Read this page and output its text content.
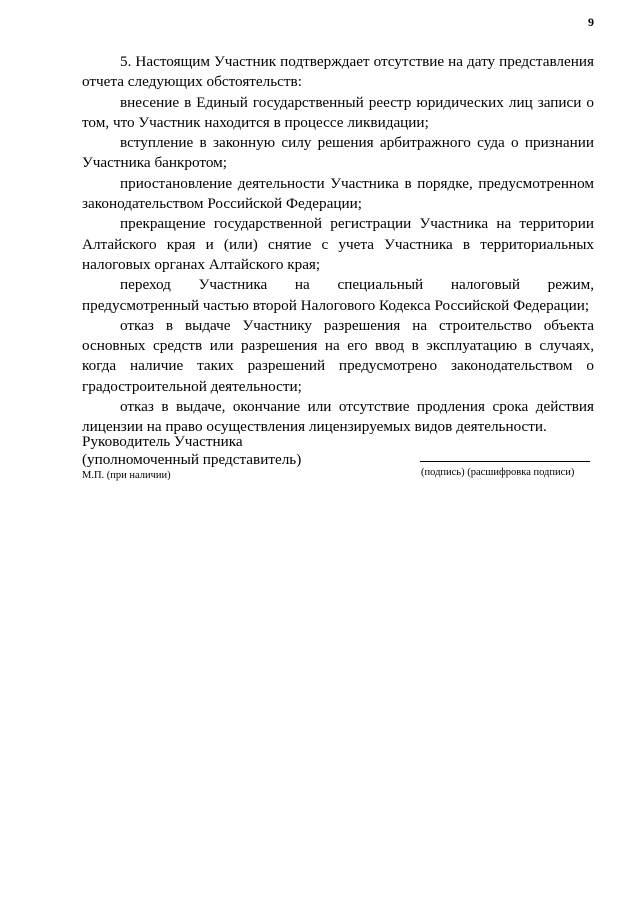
9

5. Настоящим Участник подтверждает отсутствие на дату представления отчета следующих обстоятельств:

внесение в Единый государственный реестр юридических лиц записи о том, что Участник находится в процессе ликвидации;

вступление в законную силу решения арбитражного суда о признании Участника банкротом;

приостановление деятельности Участника в порядке, предусмотренном законодательством Российской Федерации;

прекращение государственной регистрации Участника на территории Алтайского края и (или) снятие с учета Участника в территориальных налоговых органах Алтайского края;

переход Участника на специальный налоговый режим, предусмотренный частью второй Налогового Кодекса Российской Федерации;

отказ в выдаче Участнику разрешения на строительство объекта основных средств или разрешения на его ввод в эксплуатацию в случаях, когда наличие таких разрешений предусмотрено законодательством о градостроительной деятельности;

отказ в выдаче, окончание или отсутствие продления срока действия лицензии на право осуществления лицензируемых видов деятельности.

Руководитель Участника

(уполномоченный представитель)

М.П. (при наличии)	(подпись) (расшифровка подписи)
